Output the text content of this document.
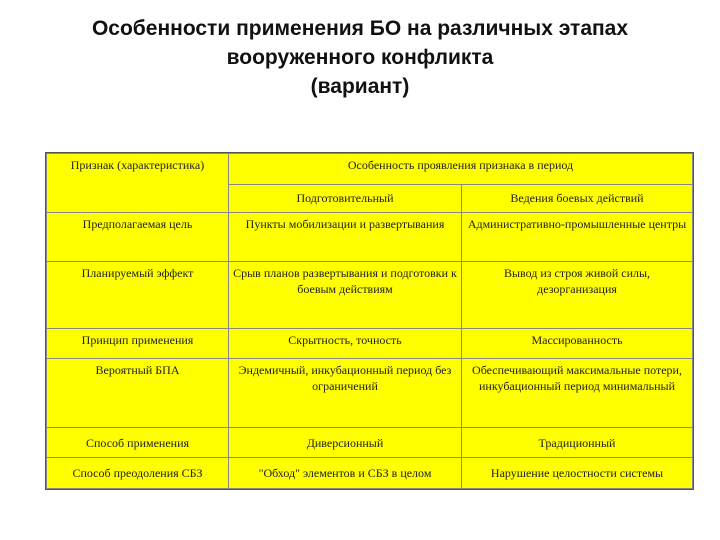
Особенности применения БО на различных этапах
вооруженного конфликта
(вариант)
Признак (характеристика)	Особенность проявления признака в период	
	Подготовительный	Ведения боевых действий
Предполагаемая цель	Пункты мобилизации и развертывания	Административно-промышленные центры
Планируемый эффект	Срыв планов развертывания и подготовки к боевым действиям	Вывод из строя живой силы, дезорганизация
Принцип применения	Скрытность, точность	Массированность
Вероятный БПА	Эндемичный, инкубационный период без ограничений	Обеспечивающий максимальные потери, инкубационный период минимальный
Способ применения	Диверсионный	Традиционный
Способ преодоления СБЗ	"Обход" элементов и СБЗ в целом	Нарушение целостности системы
